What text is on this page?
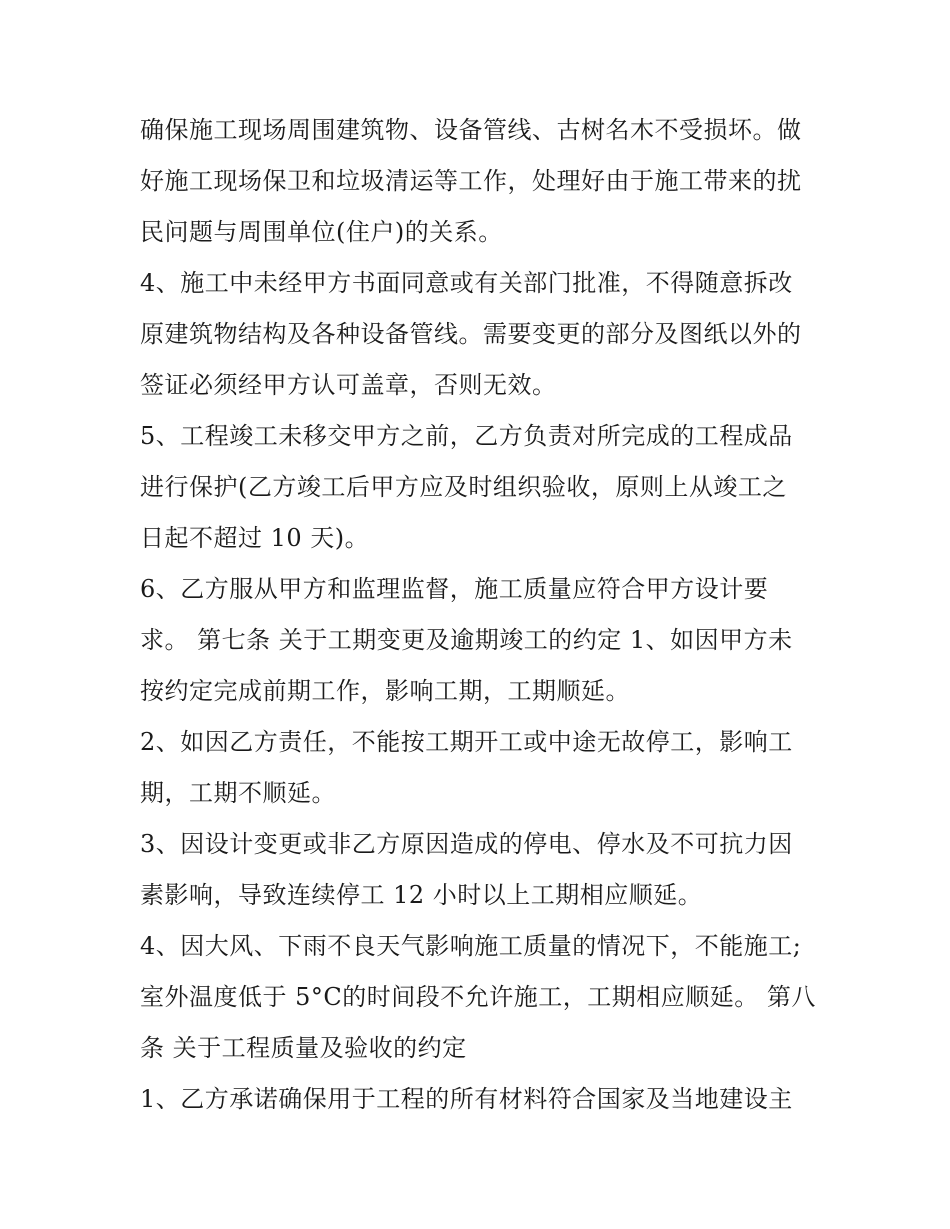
确保施工现场周围建筑物、设备管线、古树名木不受损坏。做
好施工现场保卫和垃圾清运等工作，处理好由于施工带来的扰
民问题与周围单位(住户)的关系。

4、施工中未经甲方书面同意或有关部门批准，不得随意拆改
原建筑物结构及各种设备管线。需要变更的部分及图纸以外的
签证必须经甲方认可盖章，否则无效。

5、工程竣工未移交甲方之前，乙方负责对所完成的工程成品
进行保护(乙方竣工后甲方应及时组织验收，原则上从竣工之
日起不超过 10 天)。

6、乙方服从甲方和监理监督，施工质量应符合甲方设计要
求。 第七条 关于工期变更及逾期竣工的约定 1、如因甲方未
按约定完成前期工作，影响工期，工期顺延。

2、如因乙方责任，不能按工期开工或中途无故停工，影响工
期，工期不顺延。

3、因设计变更或非乙方原因造成的停电、停水及不可抗力因
素影响，导致连续停工 12 小时以上工期相应顺延。

4、因大风、下雨不良天气影响施工质量的情况下，不能施工;
室外温度低于 5°C的时间段不允许施工，工期相应顺延。 第八
条 关于工程质量及验收的约定

1、乙方承诺确保用于工程的所有材料符合国家及当地建设主
